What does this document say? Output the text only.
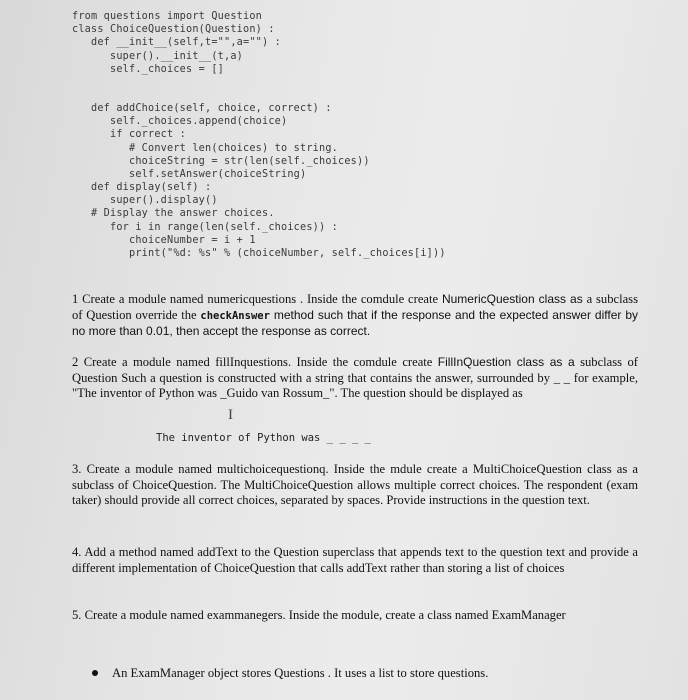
from questions import Question
class ChoiceQuestion(Question) :
def __init__(self,t="",a="") :
super().__init__(t,a)
self._choices = []
def addChoice(self, choice, correct) :
self._choices.append(choice)
if correct :
# Convert len(choices) to string.
choiceString = str(len(self._choices))
self.setAnswer(choiceString)
def display(self) :
super().display()
# Display the answer choices.
for i in range(len(self._choices)) :
choiceNumber = i + 1
print("%d: %s" % (choiceNumber, self._choices[i]))
1 Create a module named numericquestions . Inside the comdule create NumericQuestion class as a subclass of Question override the checkAnswer method such that if the response and the expected answer differ by no more than 0.01, then accept the response as correct.
2 Create a module named fillInquestions. Inside the comdule create FillInQuestion class as a subclass of Question Such a question is constructed with a string that contains the answer, surrounded by _ _ for example, "The inventor of Python was _Guido van Rossum_". The question should be displayed as
I
The inventor of Python was _ _ _ _
3. Create a module named multichoicequestionq. Inside the mdule create a MultiChoiceQuestion class as a subclass of ChoiceQuestion. The MultiChoiceQuestion allows multiple correct choices. The respondent (exam taker) should provide all correct choices, separated by spaces. Provide instructions in the question text.
4. Add a method named addText to the Question superclass that appends text to the question text and provide a different implementation of ChoiceQuestion that calls addText rather than storing a list of choices
5. Create a module named exammanegers. Inside the module, create a class named ExamManager
An ExamManager object stores Questions . It uses a list to store questions.
